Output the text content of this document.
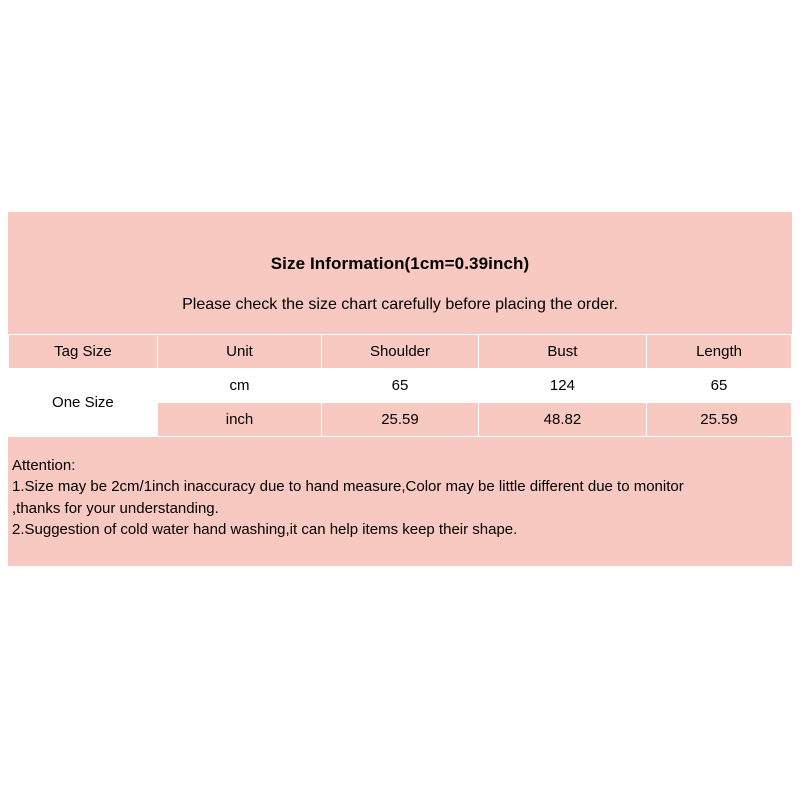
Size Information(1cm=0.39inch)
Please check the size chart carefully before placing the order.
Tag Size	Unit	Shoulder	Bust	Length
One Size	cm	65	124	65
	inch	25.59	48.82	25.59
Attention:
1.Size may be 2cm/1inch inaccuracy due to hand measure,Color may be little different due to monitor
,thanks for your understanding.
2.Suggestion of cold water hand washing,it can help items keep their shape.
